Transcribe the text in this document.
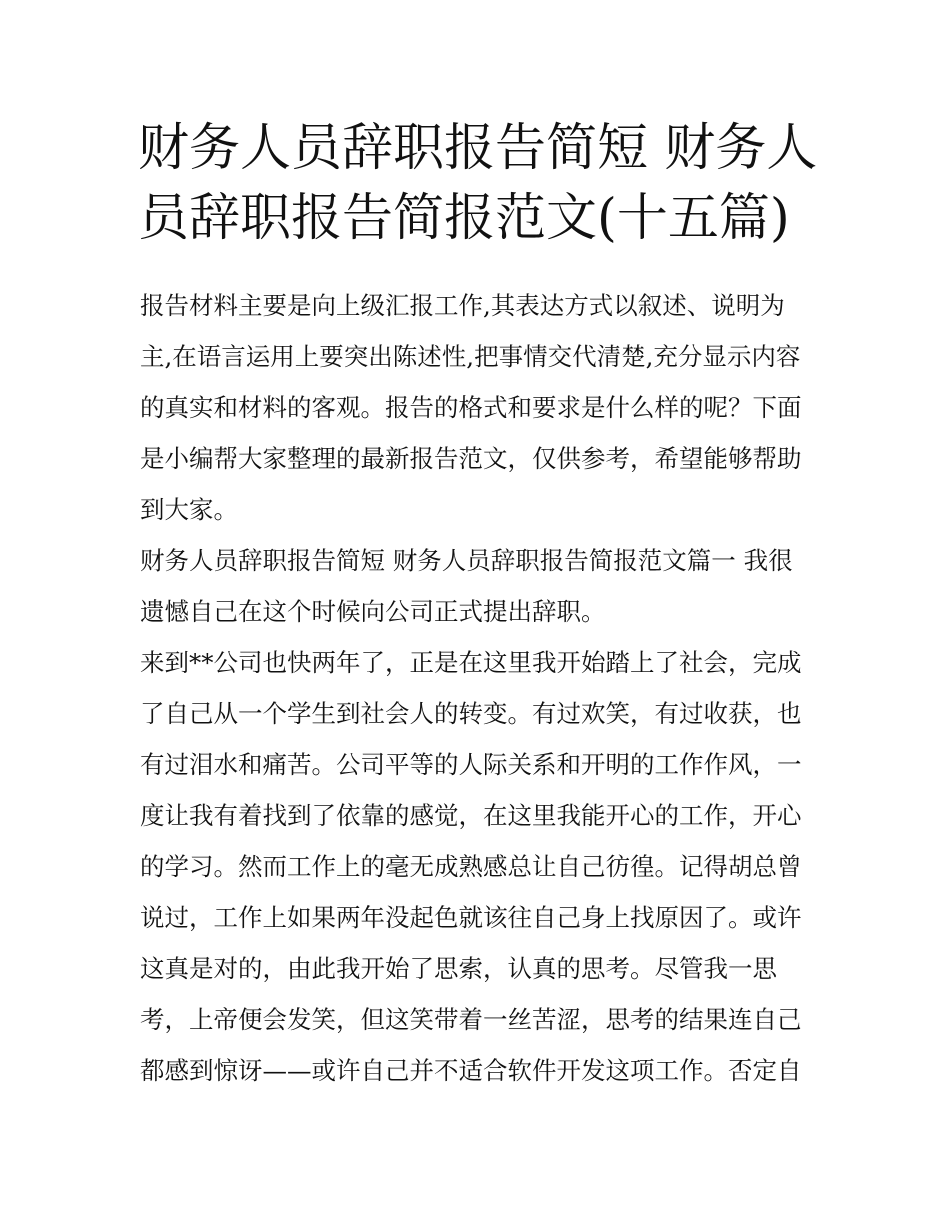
财务人员辞职报告简短 财务人
员辞职报告简报范文(十五篇)
报告材料主要是向上级汇报工作,其表达方式以叙述、说明为
主,在语言运用上要突出陈述性,把事情交代清楚,充分显示内容
的真实和材料的客观。报告的格式和要求是什么样的呢？下面
是小编帮大家整理的最新报告范文，仅供参考，希望能够帮助
到大家。
财务人员辞职报告简短 财务人员辞职报告简报范文篇一 我很
遗憾自己在这个时候向公司正式提出辞职。
来到**公司也快两年了，正是在这里我开始踏上了社会，完成
了自己从一个学生到社会人的转变。有过欢笑，有过收获，也
有过泪水和痛苦。公司平等的人际关系和开明的工作作风，一
度让我有着找到了依靠的感觉，在这里我能开心的工作，开心
的学习。然而工作上的毫无成熟感总让自己彷徨。记得胡总曾
说过，工作上如果两年没起色就该往自己身上找原因了。或许
这真是对的，由此我开始了思索，认真的思考。尽管我一思
考，上帝便会发笑，但这笑带着一丝苦涩，思考的结果连自己
都感到惊讶——或许自己并不适合软件开发这项工作。否定自
